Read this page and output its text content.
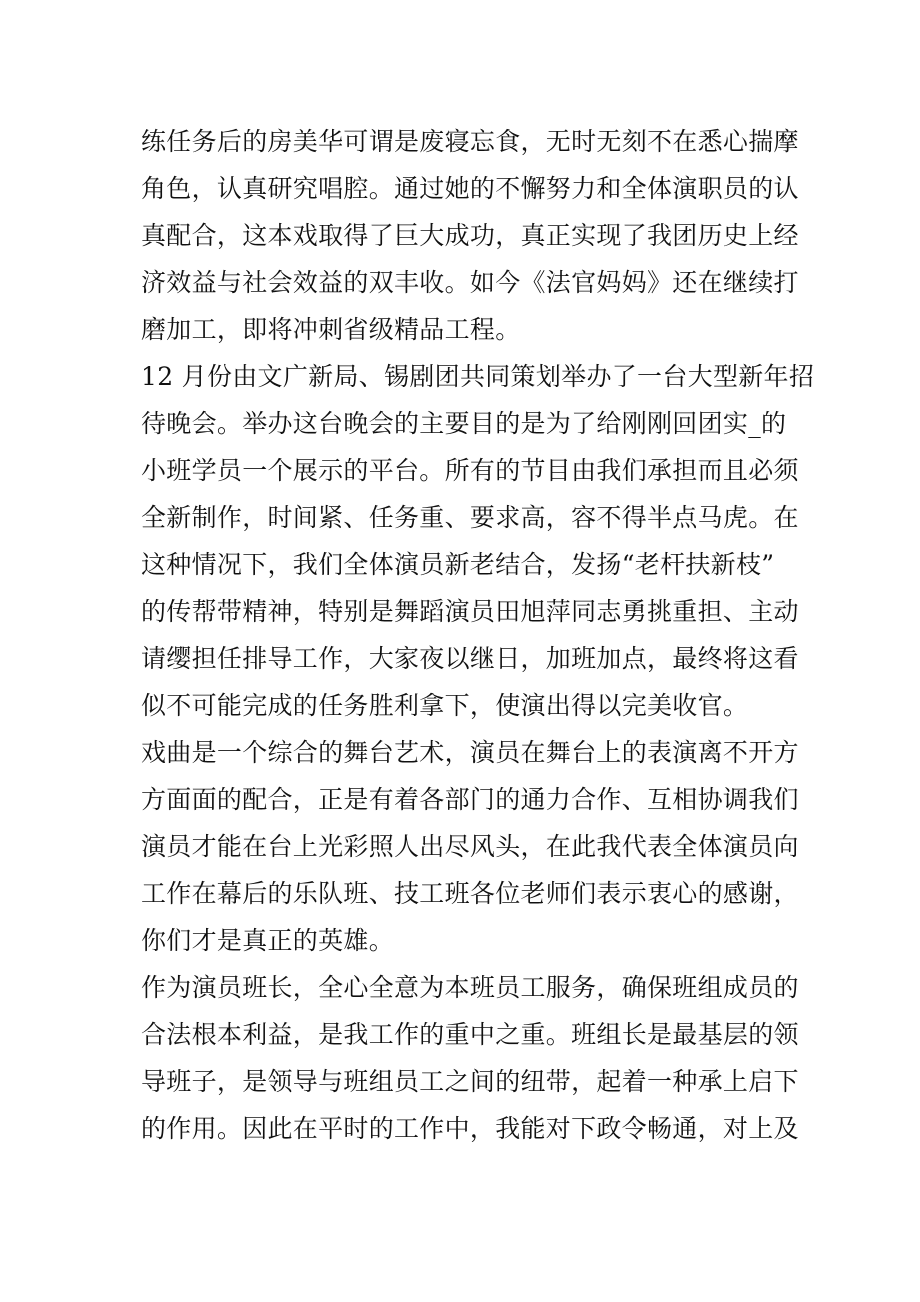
练任务后的房美华可谓是废寝忘食，无时无刻不在悉心揣摩
角色，认真研究唱腔。通过她的不懈努力和全体演职员的认
真配合，这本戏取得了巨大成功，真正实现了我团历史上经
济效益与社会效益的双丰收。如今《法官妈妈》还在继续打
磨加工，即将冲刺省级精品工程。
12 月份由文广新局、锡剧团共同策划举办了一台大型新年招
待晚会。举办这台晚会的主要目的是为了给刚刚回团实_的
小班学员一个展示的平台。所有的节目由我们承担而且必须
全新制作，时间紧、任务重、要求高，容不得半点马虎。在
这种情况下，我们全体演员新老结合，发扬“老杆扶新枝”
的传帮带精神，特别是舞蹈演员田旭萍同志勇挑重担、主动
请缨担任排导工作，大家夜以继日，加班加点，最终将这看
似不可能完成的任务胜利拿下，使演出得以完美收官。
戏曲是一个综合的舞台艺术，演员在舞台上的表演离不开方
方面面的配合，正是有着各部门的通力合作、互相协调我们
演员才能在台上光彩照人出尽风头，在此我代表全体演员向
工作在幕后的乐队班、技工班各位老师们表示衷心的感谢，
你们才是真正的英雄。
作为演员班长，全心全意为本班员工服务，确保班组成员的
合法根本利益，是我工作的重中之重。班组长是最基层的领
导班子，是领导与班组员工之间的纽带，起着一种承上启下
的作用。因此在平时的工作中，我能对下政令畅通，对上及
